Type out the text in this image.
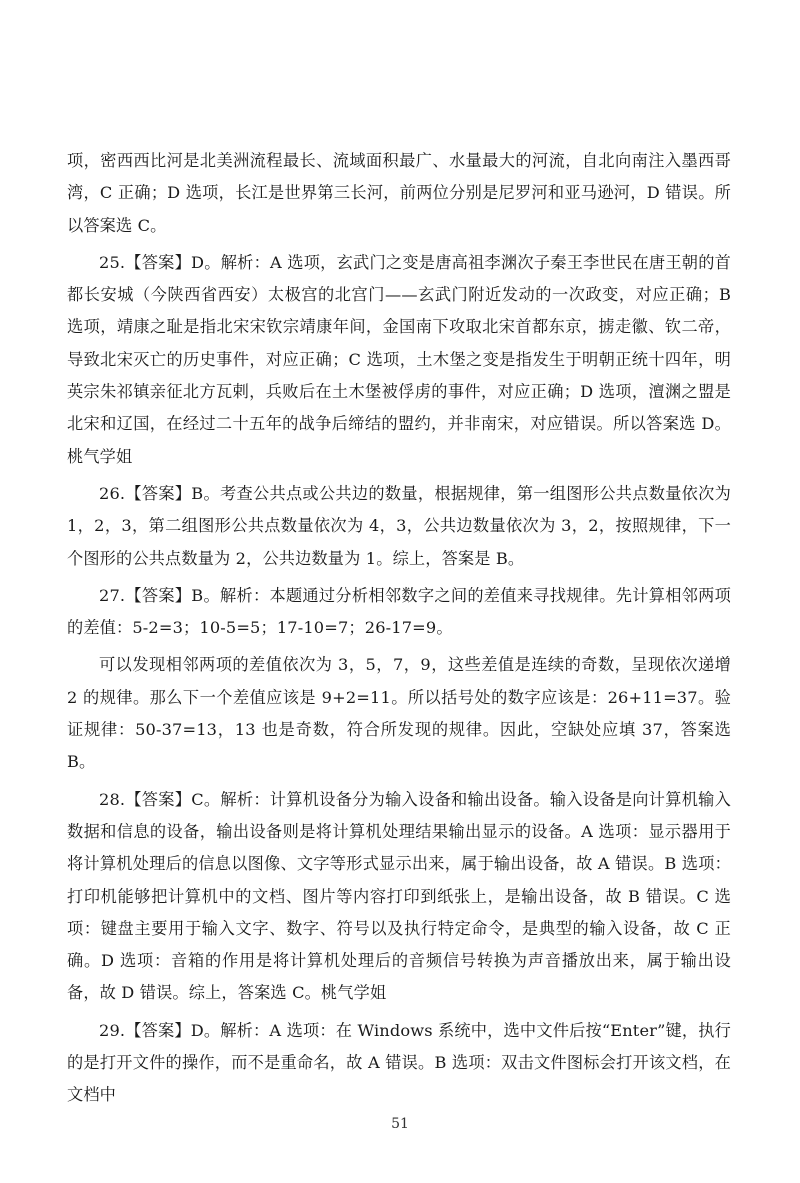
项，密西西比河是北美洲流程最长、流域面积最广、水量最大的河流，自北向南注入墨西哥湾，C 正确；D 选项，长江是世界第三长河，前两位分别是尼罗河和亚马逊河，D 错误。所以答案选 C。

25.【答案】D。解析：A 选项，玄武门之变是唐高祖李渊次子秦王李世民在唐王朝的首都长安城（今陕西省西安）太极宫的北宫门——玄武门附近发动的一次政变，对应正确；B 选项，靖康之耻是指北宋宋钦宗靖康年间，金国南下攻取北宋首都东京，掳走徽、钦二帝，导致北宋灭亡的历史事件，对应正确；C 选项，土木堡之变是指发生于明朝正统十四年，明英宗朱祁镇亲征北方瓦剌，兵败后在土木堡被俘虏的事件，对应正确；D 选项，澶渊之盟是北宋和辽国，在经过二十五年的战争后缔结的盟约，并非南宋，对应错误。所以答案选 D。桃气学姐

26.【答案】B。考查公共点或公共边的数量，根据规律，第一组图形公共点数量依次为 1，2，3，第二组图形公共点数量依次为 4，3，公共边数量依次为 3，2，按照规律，下一个图形的公共点数量为 2，公共边数量为 1。综上，答案是 B。

27.【答案】B。解析：本题通过分析相邻数字之间的差值来寻找规律。先计算相邻两项的差值：5-2=3；10-5=5；17-10=7；26-17=9。

可以发现相邻两项的差值依次为 3，5，7，9，这些差值是连续的奇数，呈现依次递增 2 的规律。那么下一个差值应该是 9+2=11。所以括号处的数字应该是：26+11=37。验证规律：50-37=13，13 也是奇数，符合所发现的规律。因此，空缺处应填 37，答案选 B。

28.【答案】C。解析：计算机设备分为输入设备和输出设备。输入设备是向计算机输入数据和信息的设备，输出设备则是将计算机处理结果输出显示的设备。A 选项：显示器用于将计算机处理后的信息以图像、文字等形式显示出来，属于输出设备，故 A 错误。B 选项：打印机能够把计算机中的文档、图片等内容打印到纸张上，是输出设备，故 B 错误。C 选项：键盘主要用于输入文字、数字、符号以及执行特定命令，是典型的输入设备，故 C 正确。D 选项：音箱的作用是将计算机处理后的音频信号转换为声音播放出来，属于输出设备，故 D 错误。综上，答案选 C。桃气学姐

29.【答案】D。解析：A 选项：在 Windows 系统中，选中文件后按“Enter”键，执行的是打开文件的操作，而不是重命名，故 A 错误。B 选项：双击文件图标会打开该文档，在文档中

51
